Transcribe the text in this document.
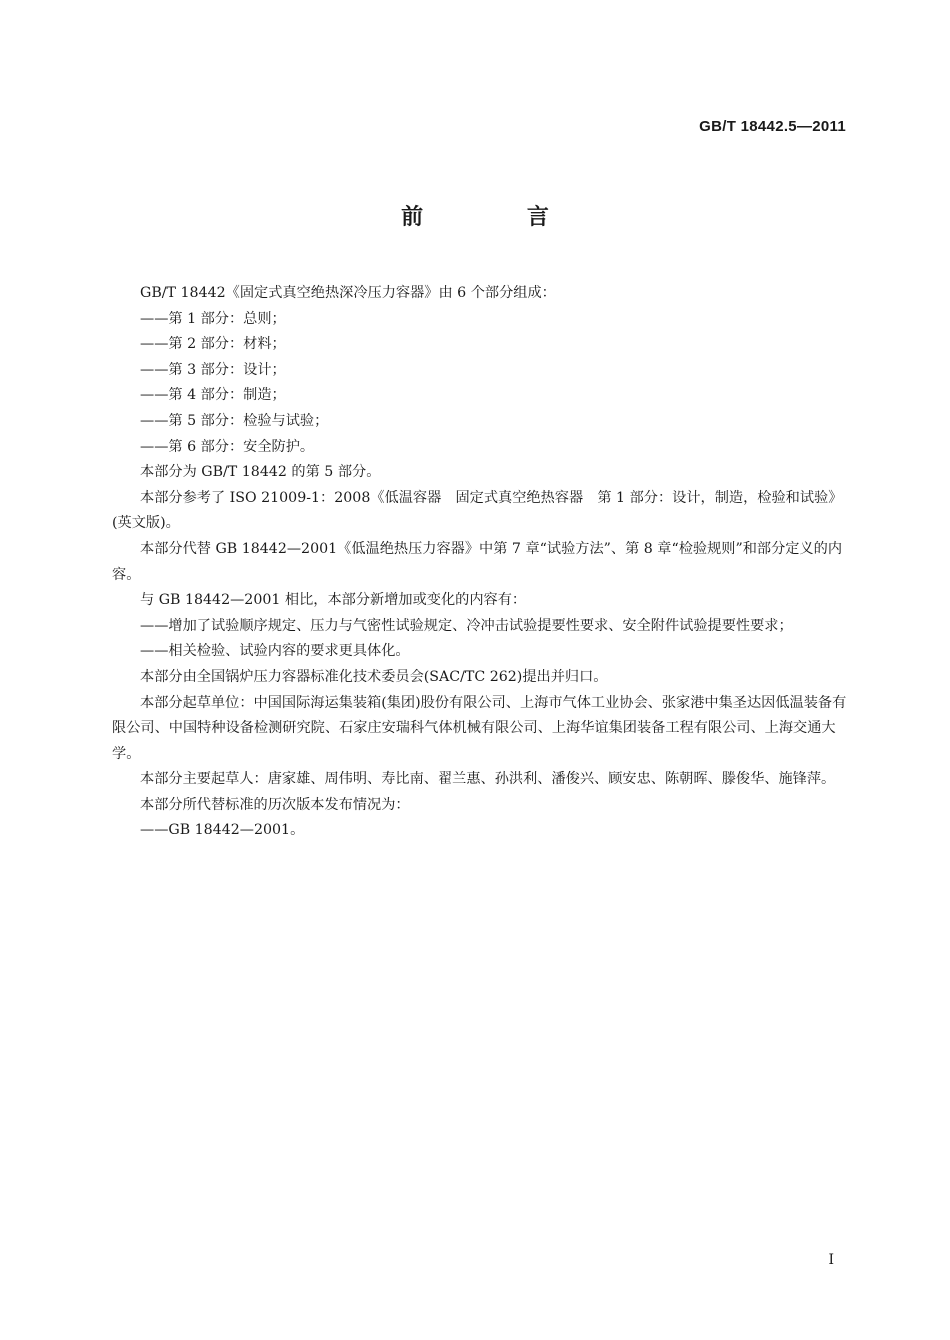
GB/T 18442.5—2011
前 言

GB/T 18442《固定式真空绝热深冷压力容器》由 6 个部分组成：

——第 1 部分：总则；

——第 2 部分：材料；

——第 3 部分：设计；

——第 4 部分：制造；

——第 5 部分：检验与试验；

——第 6 部分：安全防护。

本部分为 GB/T 18442 的第 5 部分。

本部分参考了 ISO 21009-1：2008《低温容器　固定式真空绝热容器　第 1 部分：设计，制造，检验和试验》(英文版)。

本部分代替 GB 18442—2001《低温绝热压力容器》中第 7 章“试验方法”、第 8 章“检验规则”和部分定义的内容。

与 GB 18442—2001 相比，本部分新增加或变化的内容有：

——增加了试验顺序规定、压力与气密性试验规定、冷冲击试验提要性要求、安全附件试验提要性要求；

——相关检验、试验内容的要求更具体化。

本部分由全国锅炉压力容器标准化技术委员会(SAC/TC 262)提出并归口。

本部分起草单位：中国国际海运集装箱(集团)股份有限公司、上海市气体工业协会、张家港中集圣达因低温装备有限公司、中国特种设备检测研究院、石家庄安瑞科气体机械有限公司、上海华谊集团装备工程有限公司、上海交通大学。

本部分主要起草人：唐家雄、周伟明、寿比南、翟兰惠、孙洪利、潘俊兴、顾安忠、陈朝晖、滕俊华、施锋萍。

本部分所代替标准的历次版本发布情况为：

——GB 18442—2001。

I
